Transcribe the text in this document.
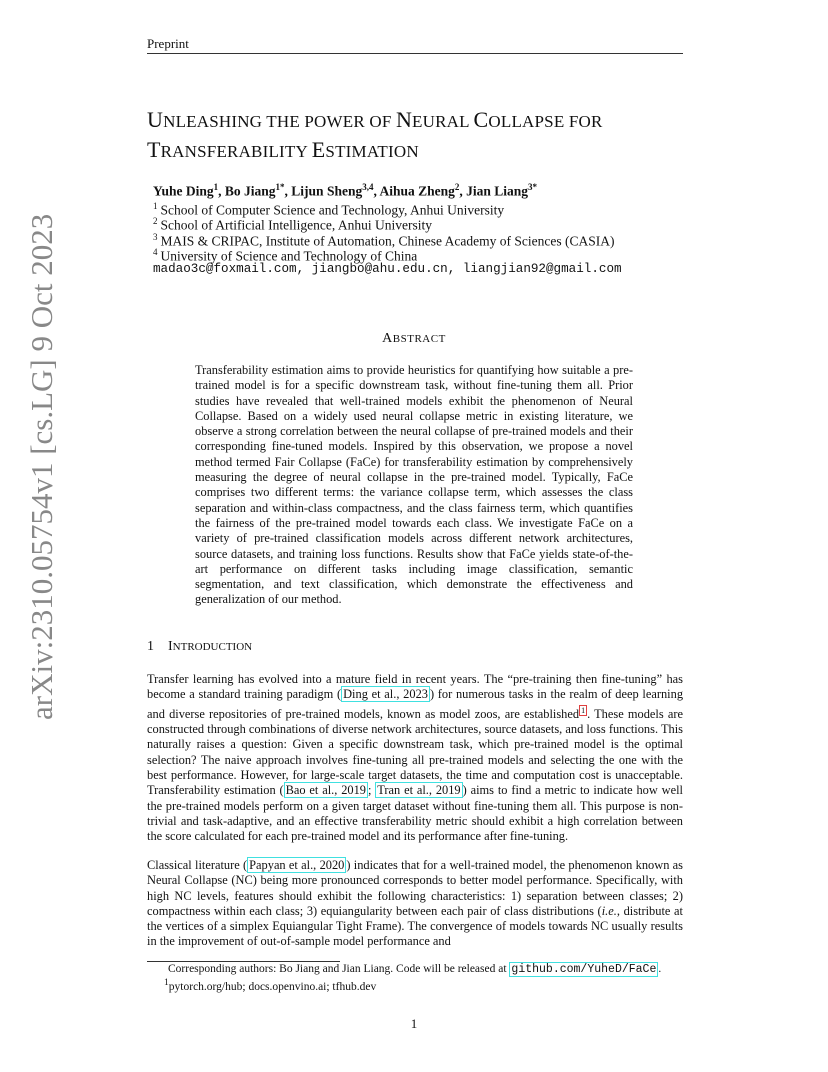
Preprint
arXiv:2310.05754v1 [cs.LG] 9 Oct 2023
UNLEASHING THE POWER OF NEURAL COLLAPSE FOR
TRANSFERABILITY ESTIMATION
Yuhe Ding$^1$, Bo Jiang$^{1*}$, Lijun Sheng$^{3,4}$, Aihua Zheng$^2$, Jian Liang$^{3*}$
$^1$ School of Computer Science and Technology, Anhui University
$^2$ School of Artificial Intelligence, Anhui University
$^3$ MAIS & CRIPAC, Institute of Automation, Chinese Academy of Sciences (CASIA)
$^4$ University of Science and Technology of China
madao3c@foxmail.com, jiangbo@ahu.edu.cn, liangjian92@gmail.com
ABSTRACT
Transferability estimation aims to provide heuristics for quantifying how suitable a pre-trained model is for a specific downstream task, without fine-tuning them all. Prior studies have revealed that well-trained models exhibit the phenomenon of Neural Collapse. Based on a widely used neural collapse metric in existing literature, we observe a strong correlation between the neural collapse of pre-trained models and their corresponding fine-tuned models. Inspired by this observation, we propose a novel method termed Fair Collapse (FaCe) for transferability estimation by comprehensively measuring the degree of neural collapse in the pre-trained model. Typically, FaCe comprises two different terms: the variance collapse term, which assesses the class separation and within-class compactness, and the class fairness term, which quantifies the fairness of the pre-trained model towards each class. We investigate FaCe on a variety of pre-trained classification models across different network architectures, source datasets, and training loss functions. Results show that FaCe yields state-of-the-art performance on different tasks including image classification, semantic segmentation, and text classification, which demonstrate the effectiveness and generalization of our method.
1 INTRODUCTION
Transfer learning has evolved into a mature field in recent years. The “pre-training then fine-tuning” has become a standard training paradigm ( Ding et al., 2023 ) for numerous tasks in the realm of deep learning and diverse repositories of pre-trained models, known as model zoos, are established $^1$ . These models are constructed through combinations of diverse network architectures, source datasets, and loss functions. This naturally raises a question: Given a specific downstream task, which pre-trained model is the optimal selection? The naive approach involves fine-tuning all pre-trained models and selecting the one with the best performance. However, for large-scale target datasets, the time and computation cost is unacceptable. Transferability estimation ( Bao et al., 2019 ; Tran et al., 2019 ) aims to find a metric to indicate how well the pre-trained models perform on a given target dataset without fine-tuning them all. This purpose is non-trivial and task-adaptive, and an effective transferability metric should exhibit a high correlation between the score calculated for each pre-trained model and its performance after fine-tuning.
Classical literature ( Papyan et al., 2020 ) indicates that for a well-trained model, the phenomenon known as Neural Collapse (NC) being more pronounced corresponds to better model performance. Specifically, with high NC levels, features should exhibit the following characteristics: 1) separation between classes; 2) compactness within each class; 3) equiangularity between each pair of class distributions (i.e., distribute at the vertices of a simplex Equiangular Tight Frame). The convergence of models towards NC usually results in the improvement of out-of-sample model performance and
Corresponding authors: Bo Jiang and Jian Liang. Code will be released at github.com/YuheD/FaCe .
$^1$pytorch.org/hub; docs.openvino.ai; tfhub.dev
1
